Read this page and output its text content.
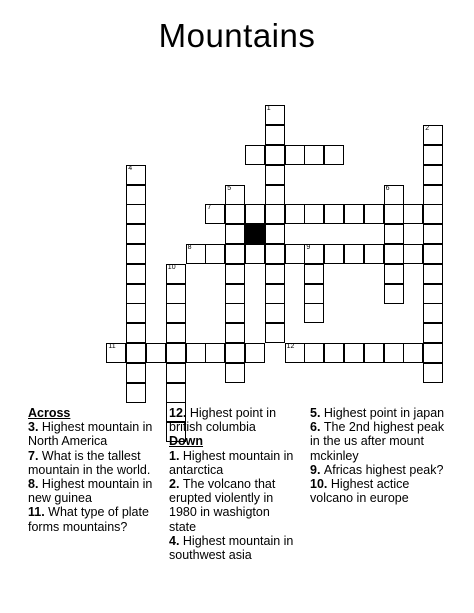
Mountains
1
2
4
5	6
7
8	9
10
11	12
Across
3. Highest mountain in North America
7. What is the tallest mountain in the world.
8. Highest mountain in new guinea
11. What type of plate forms mountains?
12. Highest point in british columbia
Down
1. Highest mountain in antarctica
2. The volcano that erupted violently in 1980 in washigton state
4. Highest mountain in southwest asia
5. Highest point in japan
6. The 2nd highest peak in the us after mount mckinley
9. Africas highest peak?
10. Highest actice volcano in europe
